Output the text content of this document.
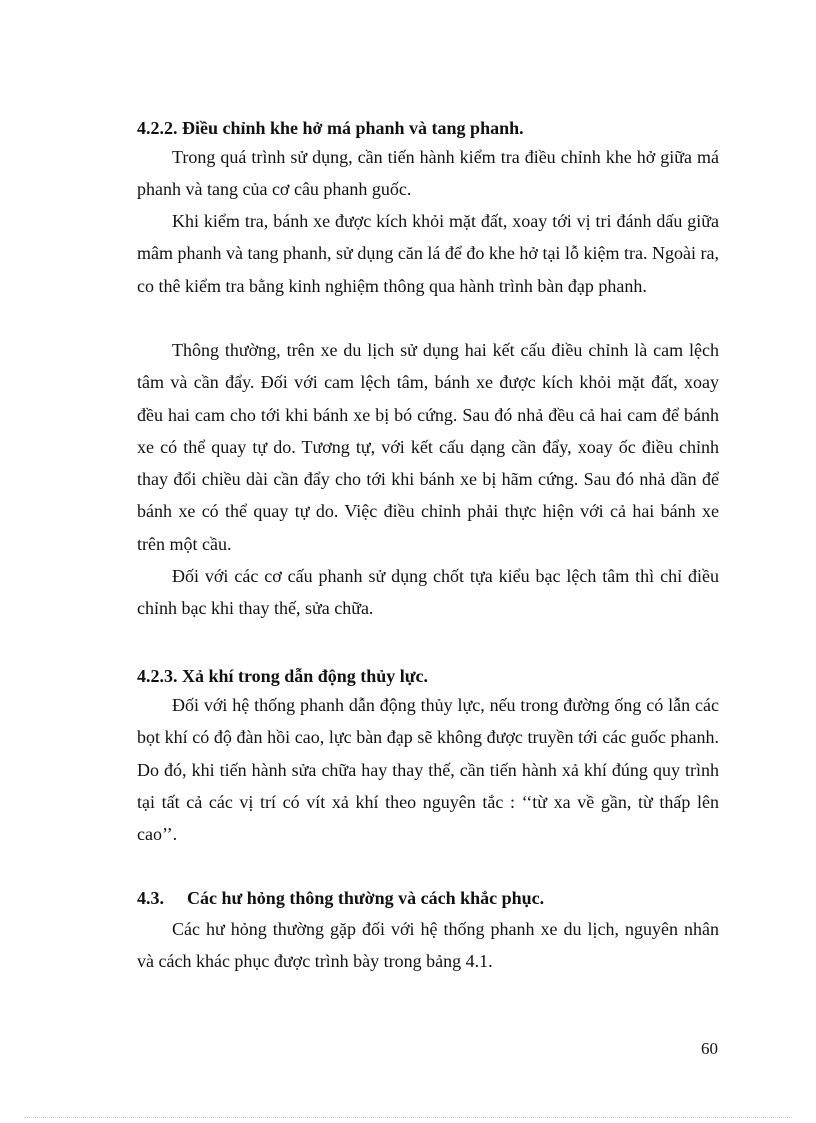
4.2.2. Điều chỉnh khe hở má phanh và tang phanh.

Trong quá trình sử dụng, cần tiến hành kiểm tra điều chỉnh khe hở giữa má phanh và tang của cơ câu phanh guốc.

Khi kiểm tra, bánh xe được kích khỏi mặt đất, xoay tới vị tri đánh dấu giữa mâm phanh và tang phanh, sử dụng căn lá để đo khe hở tại lỗ kiệm tra. Ngoài ra, co thê kiểm tra bằng kinh nghiệm thông qua hành trình bàn đạp phanh.

Thông thường, trên xe du lịch sử dụng hai kết cấu điều chỉnh là cam lệch tâm và cần đẩy. Đối với cam lệch tâm, bánh xe được kích khỏi mặt đất, xoay đều hai cam cho tới khi bánh xe bị bó cứng. Sau đó nhả đều cả hai cam để bánh xe có thể quay tự do. Tương tự, với kết cấu dạng cần đẩy, xoay ốc điều chỉnh thay đổi chiều dài cần đẩy cho tới khi bánh xe bị hãm cứng. Sau đó nhả dần để bánh xe có thể quay tự do. Việc điều chỉnh phải thực hiện với cả hai bánh xe trên một cầu.

Đối với các cơ cấu phanh sử dụng chốt tựa kiểu bạc lệch tâm thì chỉ điều chỉnh bạc khi thay thế, sửa chữa.

4.2.3. Xả khí trong dẫn động thủy lực.

Đối với hệ thống phanh dẫn động thủy lực, nếu trong đường ống có lẫn các bọt khí có độ đàn hồi cao, lực bàn đạp sẽ không được truyền tới các guốc phanh. Do đó, khi tiến hành sửa chữa hay thay thế, cần tiến hành xả khí đúng quy trình tại tất cả các vị trí có vít xả khí theo nguyên tắc : ‘‘từ xa về gần, từ thấp lên cao’’.

4.3. Các hư hỏng thông thường và cách khắc phục.

Các hư hỏng thường gặp đối với hệ thống phanh xe du lịch, nguyên nhân và cách khác phục được trình bày trong bảng 4.1.

60
